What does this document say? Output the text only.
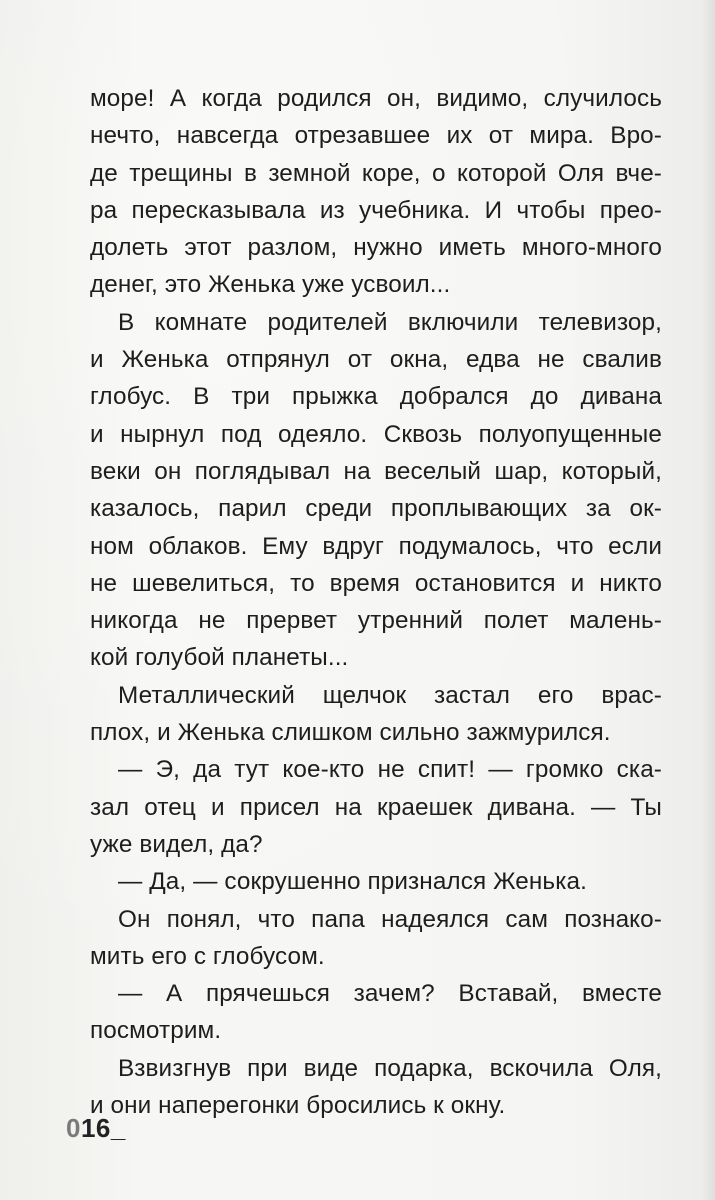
море! А когда родился он, видимо, случилось
нечто, навсегда отрезавшее их от мира. Вро-
де трещины в земной коре, о которой Оля вче-
ра пересказывала из учебника. И чтобы прео-
долеть этот разлом, нужно иметь много-много
денег, это Женька уже усвоил...
В комнате родителей включили телевизор,
и Женька отпрянул от окна, едва не свалив
глобус. В три прыжка добрался до дивана
и нырнул под одеяло. Сквозь полуопущенные
веки он поглядывал на веселый шар, который,
казалось, парил среди проплывающих за ок-
ном облаков. Ему вдруг подумалось, что если
не шевелиться, то время остановится и никто
никогда не прервет утренний полет малень-
кой голубой планеты...
Металлический щелчок застал его врас-
плох, и Женька слишком сильно зажмурился.
— Э, да тут кое-кто не спит! — громко ска-
зал отец и присел на краешек дивана. — Ты
уже видел, да?
— Да, — сокрушенно признался Женька.
Он понял, что папа надеялся сам познако-
мить его с глобусом.
— А прячешься зачем? Вставай, вместе
посмотрим.
Взвизгнув при виде подарка, вскочила Оля,
и они наперегонки бросились к окну.
016_
